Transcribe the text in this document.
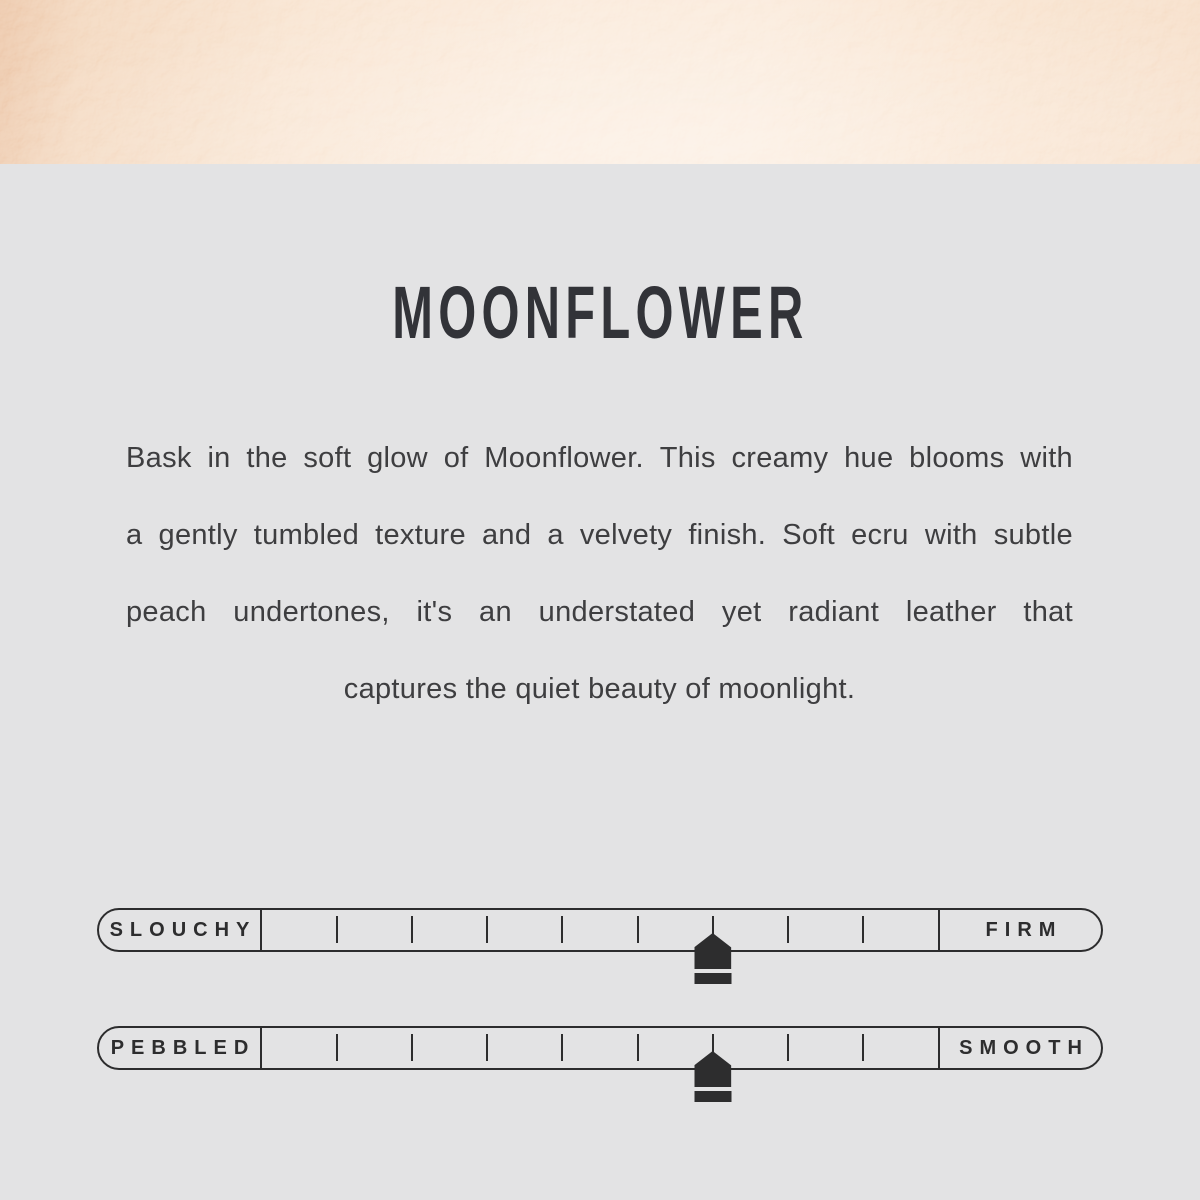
MOONFLOWER
Bask in the soft glow of Moonflower. This creamy hue blooms with
a gently tumbled texture and a velvety finish. Soft ecru with subtle
peach undertones, it's an understated yet radiant leather that
captures the quiet beauty of moonlight.
SLOUCHY	FIRM
PEBBLED	SMOOTH
